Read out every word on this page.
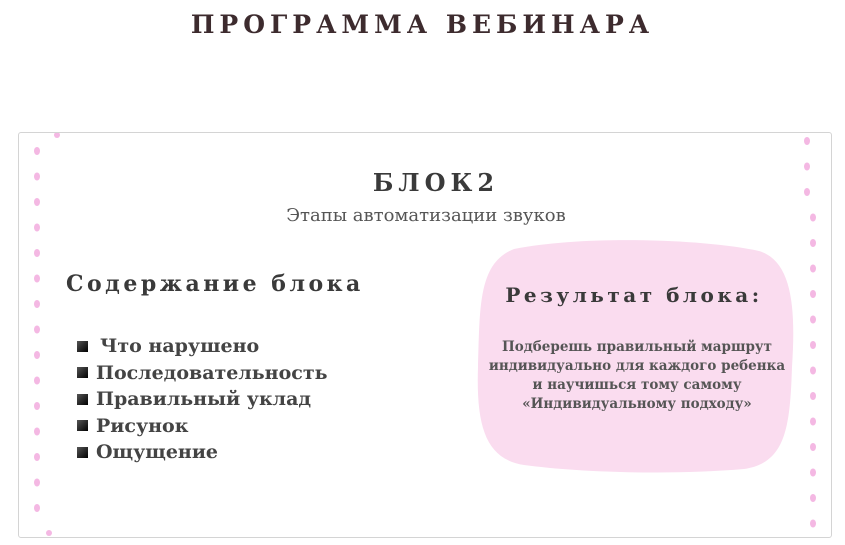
ПРОГРАММА ВЕБИНАРА
БЛОК2
Этапы автоматизации звуков
Содержание блока
Что нарушено
Последовательность
Правильный уклад
Рисунок
Ощущение
Результат блока:
Подберешь правильный маршрут индивидуально для каждого ребенка и научишься тому самому «Индивидуальному подходу»
